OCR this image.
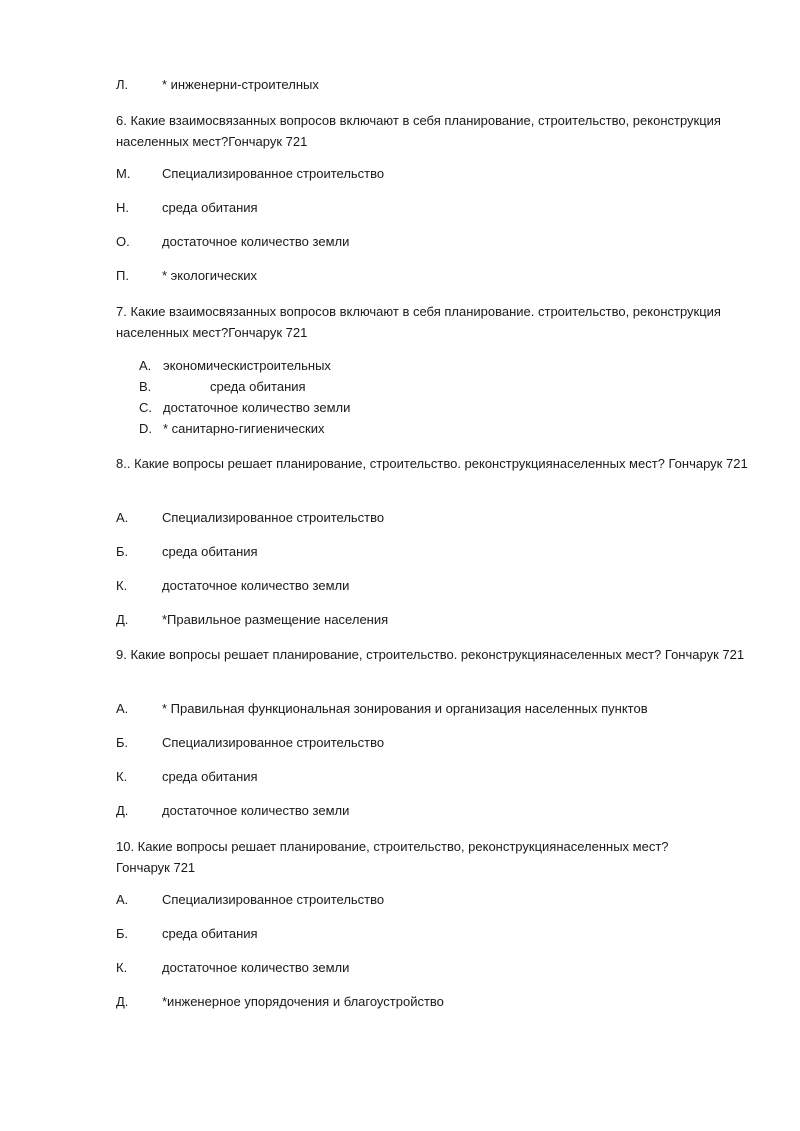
Л.	* инженерни-строителных
6. Какие взаимосвязанных вопросов включают в себя планирование, строительство, реконструкция населенных мест?Гончарук 721
М. Специализированное строительство
Н.	среда обитания
О. достаточное количество земли
П.	* экологических
7. Какие взаимосвязанных вопросов включают в себя планирование. строительство, реконструкция населенных мест?Гончарук 721
A. экономическистроительных
B.	среда обитания
C. достаточное количество земли
D. * санитарно-гигиенических
8.. Какие вопросы решает планирование, строительство. реконструкциянаселенных мест? Гончарук 721
А.	Специализированное строительство
Б.	среда обитания
К.	достаточное количество земли
Д.	*Правильное размещение населения
9. Какие вопросы решает планирование, строительство. реконструкциянаселенных мест? Гончарук 721
А.	* Правильная функциональная зонирования и организация населенных пунктов
Б.	Специализированное строительство
К.	среда обитания
Д.	достаточное количество земли
10. Какие вопросы решает планирование, строительство, реконструкциянаселенных мест? Гончарук 721
А.	Специализированное строительство
Б.	среда обитания
К.	достаточное количество земли
Д.	*инженерное упорядочения и благоустройство
